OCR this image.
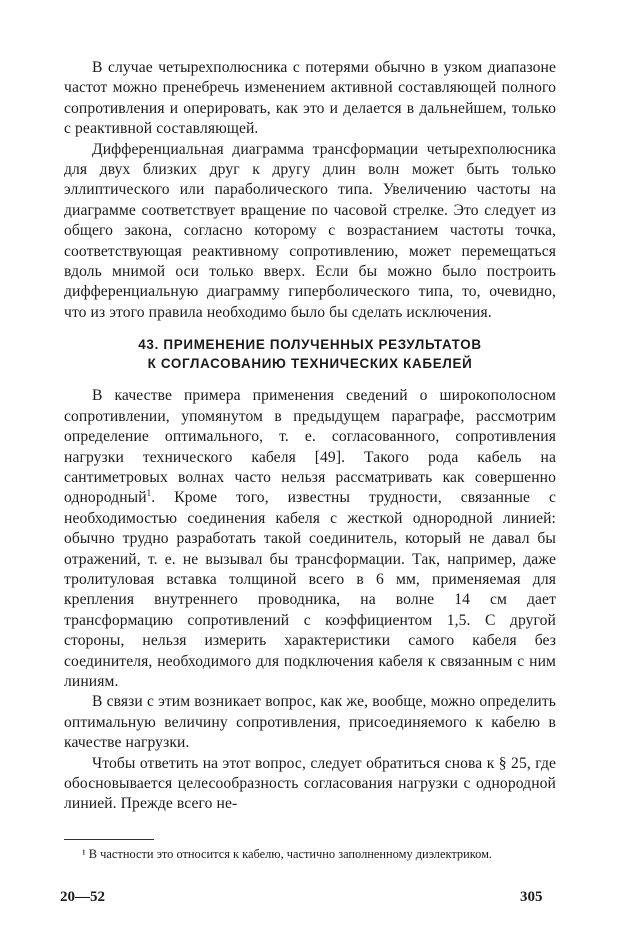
В случае четырехполюсника с потерями обычно в узком диапазоне частот можно пренебречь изменением активной составляющей полного сопротивления и оперировать, как это и делается в дальнейшем, только с реактивной составляющей.

Дифференциальная диаграмма трансформации четырехполюсника для двух близких друг к другу длин волн может быть только эллиптического или параболического типа. Увеличению частоты на диаграмме соответствует вращение по часовой стрелке. Это следует из общего закона, согласно которому с возрастанием частоты точка, соответствующая реактивному сопротивлению, может перемещаться вдоль мнимой оси только вверх. Если бы можно было построить дифференциальную диаграмму гиперболического типа, то, очевидно, что из этого правила необходимо было бы сделать исключения.

43. ПРИМЕНЕНИЕ ПОЛУЧЕННЫХ РЕЗУЛЬТАТОВ
К СОГЛАСОВАНИЮ ТЕХНИЧЕСКИХ КАБЕЛЕЙ

В качестве примера применения сведений о широкополосном сопротивлении, упомянутом в предыдущем параграфе, рассмотрим определение оптимального, т. е. согласованного, сопротивления нагрузки технического кабеля [49]. Такого рода кабель на сантиметровых волнах часто нельзя рассматривать как совершенно однородный$^1$. Кроме того, известны трудности, связанные с необходимостью соединения кабеля с жесткой однородной линией: обычно трудно разработать такой соединитель, который не давал бы отражений, т. е. не вызывал бы трансформации. Так, например, даже тролитуловая вставка толщиной всего в 6 мм, применяемая для крепления внутреннего проводника, на волне 14 см дает трансформацию сопротивлений с коэффициентом 1,5. С другой стороны, нельзя измерить характеристики самого кабеля без соединителя, необходимого для подключения кабеля к связанным с ним линиям.

В связи с этим возникает вопрос, как же, вообще, можно определить оптимальную величину сопротивления, присоединяемого к кабелю в качестве нагрузки.

Чтобы ответить на этот вопрос, следует обратиться снова к § 25, где обосновывается целесообразность согласования нагрузки с однородной линией. Прежде всего не-

¹ В частности это относится к кабелю, частично заполненному диэлектриком.
20—52	305
